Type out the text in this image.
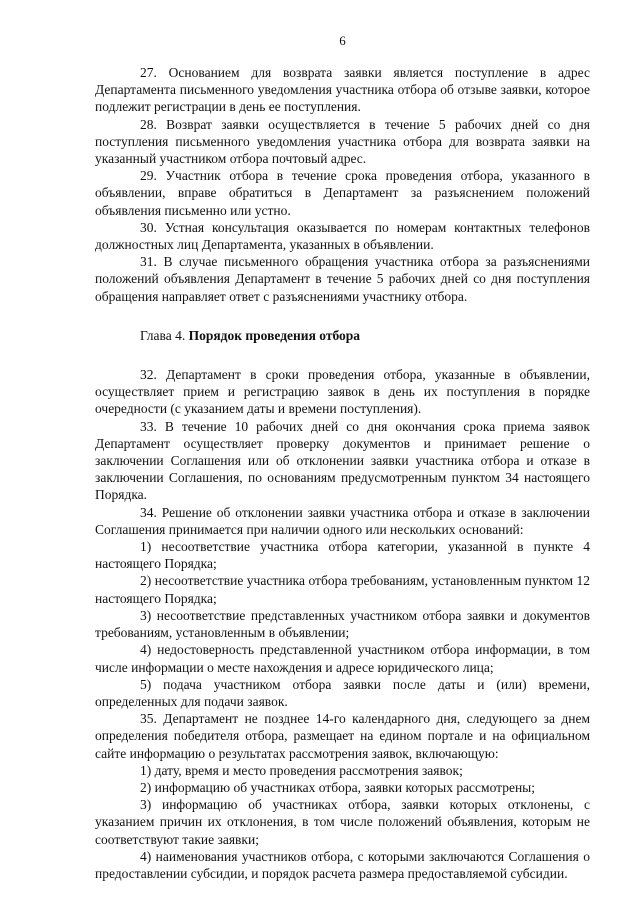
6

27. Основанием для возврата заявки является поступление в адрес Департамента письменного уведомления участника отбора об отзыве заявки, которое подлежит регистрации в день ее поступления.

28. Возврат заявки осуществляется в течение 5 рабочих дней со дня поступления письменного уведомления участника отбора для возврата заявки на указанный участником отбора почтовый адрес.

29. Участник отбора в течение срока проведения отбора, указанного в объявлении, вправе обратиться в Департамент за разъяснением положений объявления письменно или устно.

30. Устная консультация оказывается по номерам контактных телефонов должностных лиц Департамента, указанных в объявлении.

31. В случае письменного обращения участника отбора за разъяснениями положений объявления Департамент в течение 5 рабочих дней со дня поступления обращения направляет ответ с разъяснениями участнику отбора.

Глава 4. Порядок проведения отбора

32. Департамент в сроки проведения отбора, указанные в объявлении, осуществляет прием и регистрацию заявок в день их поступления в порядке очередности (с указанием даты и времени поступления).

33. В течение 10 рабочих дней со дня окончания срока приема заявок Департамент осуществляет проверку документов и принимает решение о заключении Соглашения или об отклонении заявки участника отбора и отказе в заключении Соглашения, по основаниям предусмотренным пунктом 34 настоящего Порядка.

34. Решение об отклонении заявки участника отбора и отказе в заключении Соглашения принимается при наличии одного или нескольких оснований:

1) несоответствие участника отбора категории, указанной в пункте 4 настоящего Порядка;

2) несоответствие участника отбора требованиям, установленным пунктом 12 настоящего Порядка;

3) несоответствие представленных участником отбора заявки и документов требованиям, установленным в объявлении;

4) недостоверность представленной участником отбора информации, в том числе информации о месте нахождения и адресе юридического лица;

5) подача участником отбора заявки после даты и (или) времени, определенных для подачи заявок.

35. Департамент не позднее 14-го календарного дня, следующего за днем определения победителя отбора, размещает на едином портале и на официальном сайте информацию о результатах рассмотрения заявок, включающую:

1) дату, время и место проведения рассмотрения заявок;

2) информацию об участниках отбора, заявки которых рассмотрены;

3) информацию об участниках отбора, заявки которых отклонены, с указанием причин их отклонения, в том числе положений объявления, которым не соответствуют такие заявки;

4) наименования участников отбора, с которыми заключаются Соглашения о предоставлении субсидии, и порядок расчета размера предоставляемой субсидии.
